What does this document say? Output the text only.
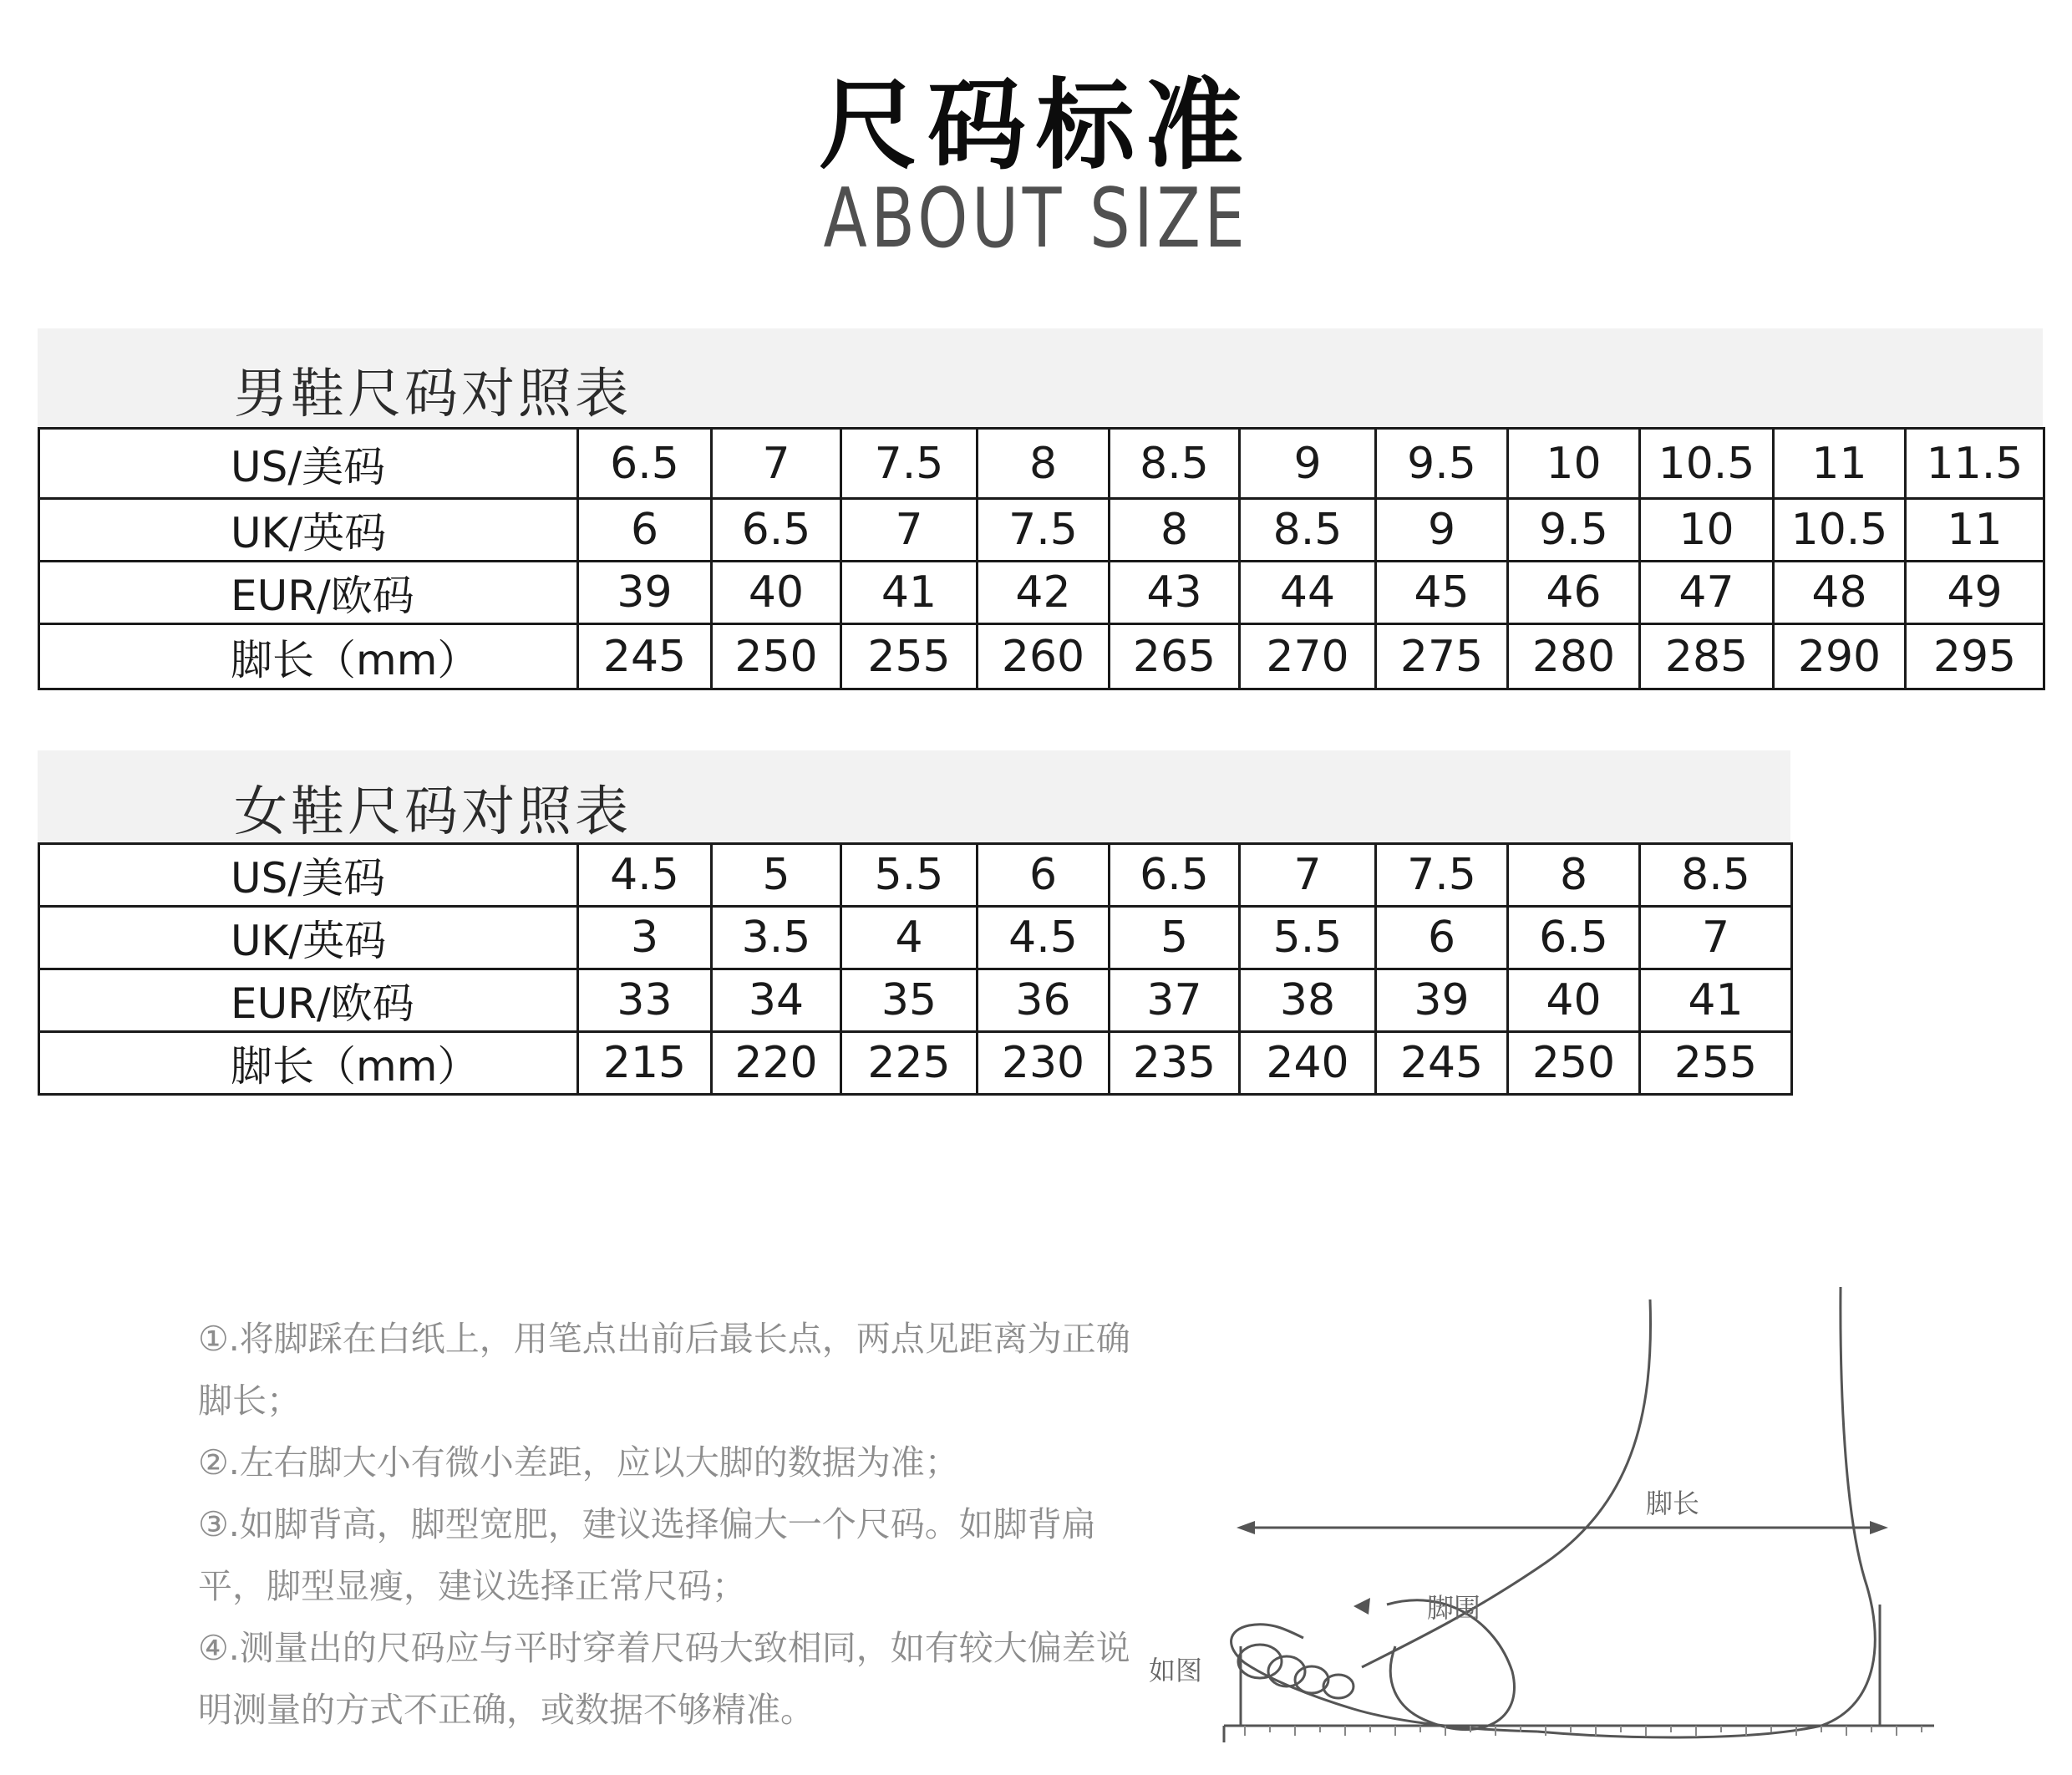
尺码标准
ABOUT SIZE
男鞋尺码对照表
US/美码	6.5	7	7.5	8	8.5	9	9.5	10	10.5	11	11.5
UK/英码	6	6.5	7	7.5	8	8.5	9	9.5	10	10.5	11
EUR/欧码	39	40	41	42	43	44	45	46	47	48	49
脚长（mm）	245	250	255	260	265	270	275	280	285	290	295
女鞋尺码对照表
US/美码	4.5	5	5.5	6	6.5	7	7.5	8	8.5
UK/英码	3	3.5	4	4.5	5	5.5	6	6.5	7
EUR/欧码	33	34	35	36	37	38	39	40	41
脚长（mm）	215	220	225	230	235	240	245	250	255

①.将脚踩在白纸上，用笔点出前后最长点，两点见距离为正确脚长；

②.左右脚大小有微小差距，应以大脚的数据为准；

③.如脚背高，脚型宽肥，建议选择偏大一个尺码。如脚背扁平，脚型显瘦，建议选择正常尺码；

④.测量出的尺码应与平时穿着尺码大致相同，如有较大偏差说明测量的方式不正确，或数据不够精准。

脚长
脚围
如图
